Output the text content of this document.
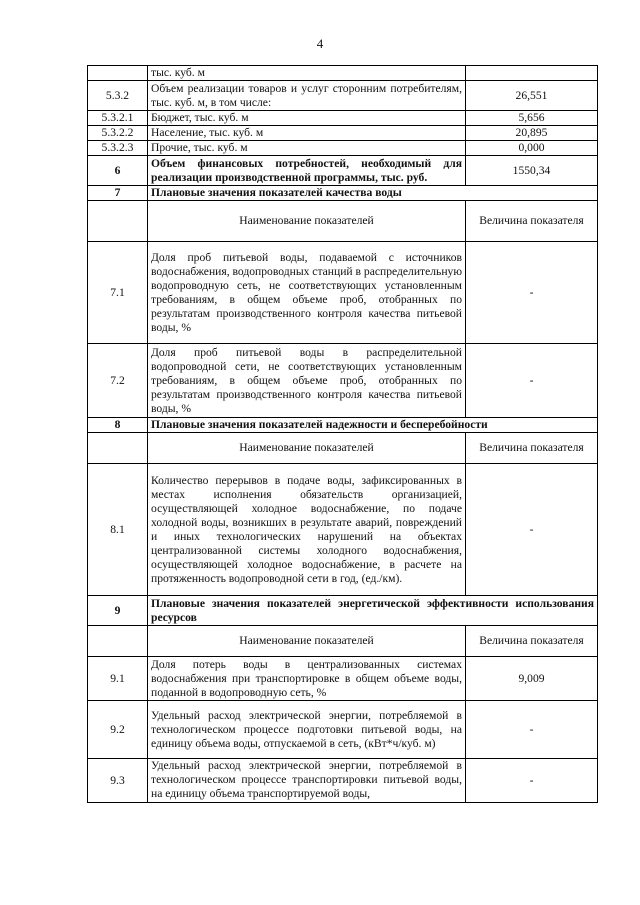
4
	тыс. куб. м	
5.3.2	Объем реализации товаров и услуг сторонним потребителям, тыс. куб. м, в том числе:	26,551
5.3.2.1	Бюджет, тыс. куб. м	5,656
5.3.2.2	Население, тыс. куб. м	20,895
5.3.2.3	Прочие, тыс. куб. м	0,000
6	Объем финансовых потребностей, необходимый для реализации производственной программы, тыс. руб.	1550,34
7	Плановые значения показателей качества воды	
	Наименование показателей	Величина показателя
7.1	Доля проб питьевой воды, подаваемой с источников водоснабжения, водопроводных станций в распределительную водопроводную сеть, не соответствующих установленным требованиям, в общем объеме проб, отобранных по результатам производственного контроля качества питьевой воды, %	-
7.2	Доля проб питьевой воды в распределительной водопроводной сети, не соответствующих установленным требованиям, в общем объеме проб, отобранных по результатам производственного контроля качества питьевой воды, %	-
8	Плановые значения показателей надежности и бесперебойности	
	Наименование показателей	Величина показателя
8.1	Количество перерывов в подаче воды, зафиксированных в местах исполнения обязательств организацией, осуществляющей холодное водоснабжение, по подаче холодной воды, возникших в результате аварий, повреждений и иных технологических нарушений на объектах централизованной системы холодного водоснабжения, осуществляющей холодное водоснабжение, в расчете на протяженность водопроводной сети в год, (ед./км).	-
9	Плановые значения показателей энергетической эффективности использования ресурсов	
	Наименование показателей	Величина показателя
9.1	Доля потерь воды в централизованных системах водоснабжения при транспортировке в общем объеме воды, поданной в водопроводную сеть, %	9,009
9.2	Удельный расход электрической энергии, потребляемой в технологическом процессе подготовки питьевой воды, на единицу объема воды, отпускаемой в сеть, (кВт*ч/куб. м)	-
9.3	Удельный расход электрической энергии, потребляемой в технологическом процессе транспортировки питьевой воды, на единицу объема транспортируемой воды,	-
